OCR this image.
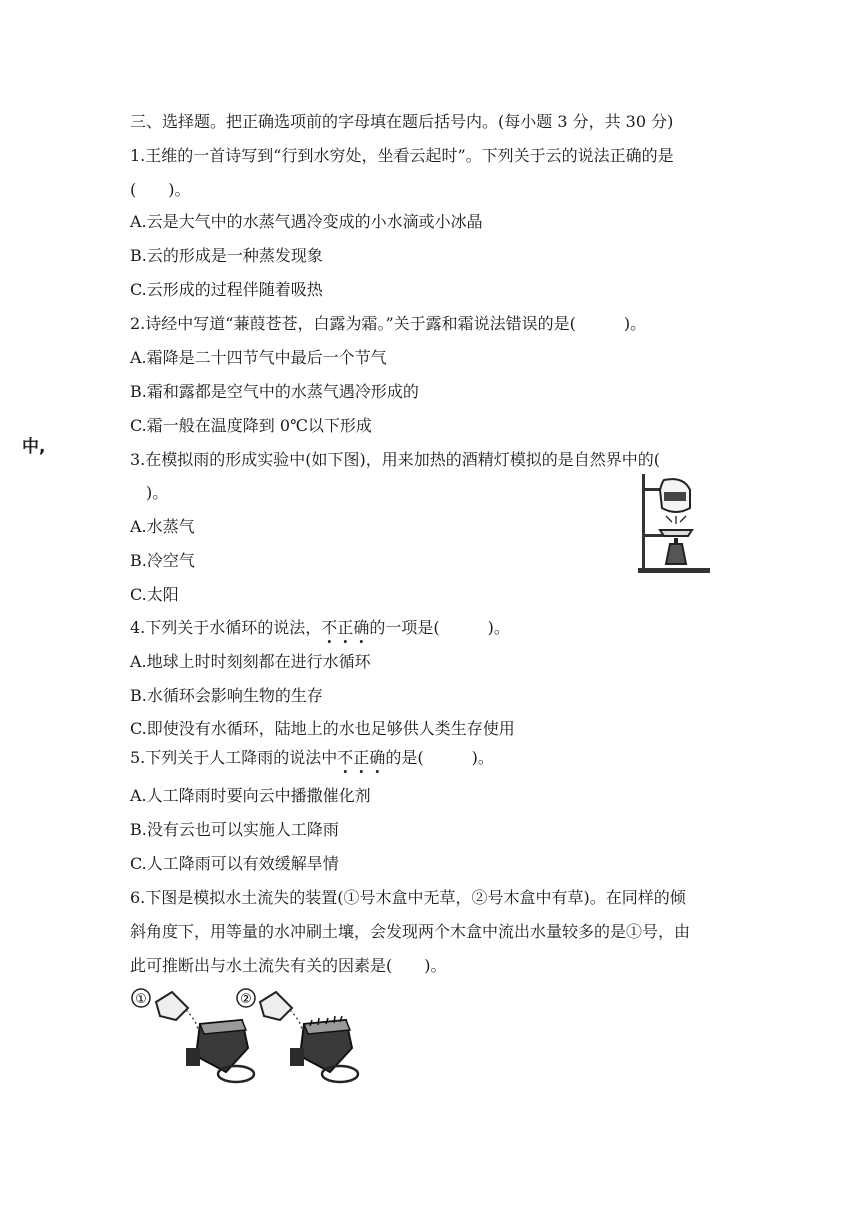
中,
三、选择题。把正确选项前的字母填在题后括号内。(每小题 3 分，共 30 分)
1.王维的一首诗写到“行到水穷处，坐看云起时”。下列关于云的说法正确的是
(　　)。
A.云是大气中的水蒸气遇冷变成的小水滴或小冰晶
B.云的形成是一种蒸发现象
C.云形成的过程伴随着吸热
2.诗经中写道“蒹葭苍苍，白露为霜。”关于露和霜说法错误的是(　　　)。
A.霜降是二十四节气中最后一个节气
B.霜和露都是空气中的水蒸气遇冷形成的
C.霜一般在温度降到 0℃以下形成
3.在模拟雨的形成实验中(如下图)，用来加热的酒精灯模拟的是自然界中的(
　)。
A.水蒸气
B.冷空气
C.太阳
4.下列关于水循环的说法，不正确的一项是(　　　)。
A.地球上时时刻刻都在进行水循环
B.水循环会影响生物的生存
C.即使没有水循环，陆地上的水也足够供人类生存使用
5.下列关于人工降雨的说法中不正确的是(　　　)。
A.人工降雨时要向云中播撒催化剂
B.没有云也可以实施人工降雨
C.人工降雨可以有效缓解旱情
6.下图是模拟水土流失的装置(①号木盒中无草，②号木盒中有草)。在同样的倾
斜角度下，用等量的水冲刷土壤，会发现两个木盒中流出水量较多的是①号，由
此可推断出与水土流失有关的因素是(　　)。
①	②
